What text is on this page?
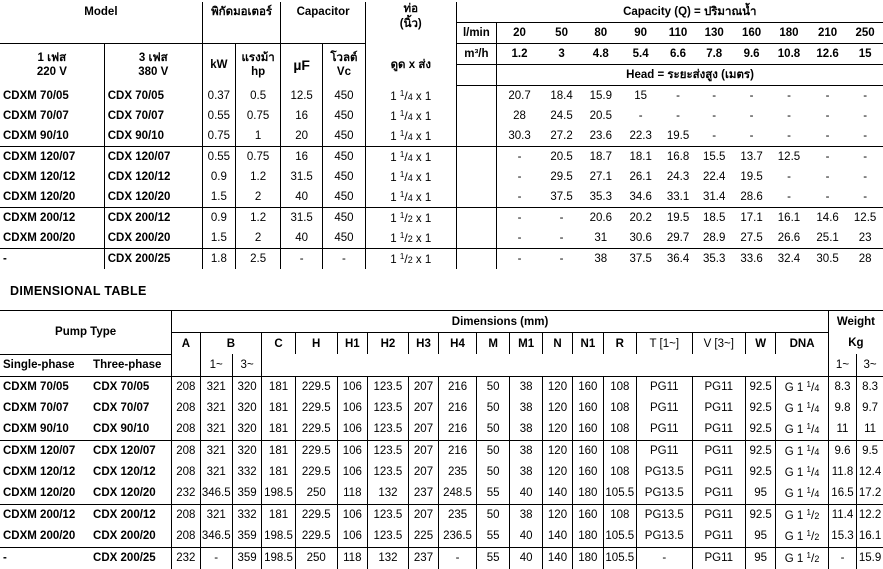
Model		พิกัดมอเตอร์		Capacitor		ท่อ
(นิ้ว)		Capacity (Q) = ปริมาณน้ำ									
							l/min	20	50	80	90	110	130	160	180	210	250
1 เฟส
220 V	3 เฟส
380 V	kW	แรงม้า
hp	µF	โวลต์
Vc	ดูด x ส่ง	m³/h	1.2	3	4.8	5.4	6.6	7.8	9.6	10.8	12.6	15
								Head = ระยะส่งสูง (เมตร)									
CDXM 70/05	CDX 70/05	0.37	0.5	12.5	450	1 $^1$/4 x 1		20.7	18.4	15.9	15	-	-	-	-	-	-
CDXM 70/07	CDX 70/07	0.55	0.75	16	450	1 $^1$/4 x 1		28	24.5	20.5	-	-	-	-	-	-	-
CDXM 90/10	CDX 90/10	0.75	1	20	450	1 $^1$/4 x 1		30.3	27.2	23.6	22.3	19.5	-	-	-	-	-
CDXM 120/07	CDX 120/07	0.55	0.75	16	450	1 $^1$/4 x 1		-	20.5	18.7	18.1	16.8	15.5	13.7	12.5	-	-
CDXM 120/12	CDX 120/12	0.9	1.2	31.5	450	1 $^1$/4 x 1		-	29.5	27.1	26.1	24.3	22.4	19.5	-	-	-
CDXM 120/20	CDX 120/20	1.5	2	40	450	1 $^1$/4 x 1		-	37.5	35.3	34.6	33.1	31.4	28.6	-	-	-
CDXM 200/12	CDX 200/12	0.9	1.2	31.5	450	1 $^1$/2 x 1		-	-	20.6	20.2	19.5	18.5	17.1	16.1	14.6	12.5
CDXM 200/20	CDX 200/20	1.5	2	40	450	1 $^1$/2 x 1		-	-	31	30.6	29.7	28.9	27.5	26.6	25.1	23
-	CDX 200/25	1.8	2.5	-	-	1 $^1$/2 x 1		-	-	38	37.5	36.4	35.3	33.6	32.4	30.5	28
DIMENSIONAL TABLE
Pump Type		Dimensions (mm)																		Weight	
		A	B		C	H	H1	H2	H3	H4	M	M1	N	N1	R	T [1~]	V [3~]	W	DNA	Kg	
Single-phase	Three-phase		1~	3~																1~	3~
CDXM 70/05	CDX 70/05	208	321	320	181	229.5	106	123.5	207	216	50	38	120	160	108	PG11	PG11	92.5	G 1 $^1$/4	8.3	8.3
CDXM 70/07	CDX 70/07	208	321	320	181	229.5	106	123.5	207	216	50	38	120	160	108	PG11	PG11	92.5	G 1 $^1$/4	9.8	9.7
CDXM 90/10	CDX 90/10	208	321	320	181	229.5	106	123.5	207	216	50	38	120	160	108	PG11	PG11	92.5	G 1 $^1$/4	11	11
CDXM 120/07	CDX 120/07	208	321	320	181	229.5	106	123.5	207	216	50	38	120	160	108	PG11	PG11	92.5	G 1 $^1$/4	9.6	9.5
CDXM 120/12	CDX 120/12	208	321	332	181	229.5	106	123.5	207	235	50	38	120	160	108	PG13.5	PG11	92.5	G 1 $^1$/4	11.8	12.4
CDXM 120/20	CDX 120/20	232	346.5	359	198.5	250	118	132	237	248.5	55	40	140	180	105.5	PG13.5	PG11	95	G 1 $^1$/4	16.5	17.2
CDXM 200/12	CDX 200/12	208	321	332	181	229.5	106	123.5	207	235	50	38	120	160	108	PG13.5	PG11	92.5	G 1 $^1$/2	11.4	12.2
CDXM 200/20	CDX 200/20	208	346.5	359	198.5	229.5	106	123.5	225	236.5	55	40	140	180	105.5	PG13.5	PG11	95	G 1 $^1$/2	15.3	16.1
-	CDX 200/25	232	-	359	198.5	250	118	132	237	-	55	40	140	180	105.5	-	PG11	95	G 1 $^1$/2	-	15.9
